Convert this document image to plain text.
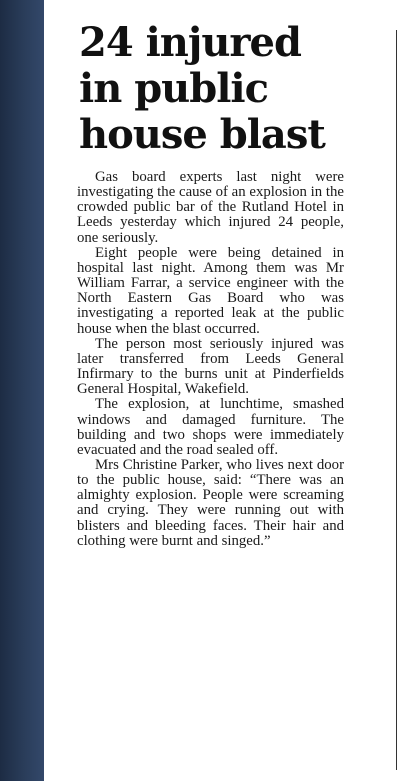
24 injured
in public
house blast

Gas board experts last night were investigating the cause of an explosion in the crowded public bar of the Rutland Hotel in Leeds yesterday which injured 24 people, one seriously.

Eight people were being detained in hospital last night. Among them was Mr William Farrar, a service engineer with the North Eastern Gas Board who was investigating a reported leak at the public house when the blast occurred.

The person most seriously injured was later transferred from Leeds General Infirmary to the burns unit at Pinderfields General Hospital, Wakefield.

The explosion, at lunchtime, smashed windows and damaged furniture. The building and two shops were immediately evacuated and the road sealed off.

Mrs Christine Parker, who lives next door to the public house, said: “There was an almighty explosion. People were screaming and crying. They were running out with blisters and bleeding faces. Their hair and clothing were burnt and singed.”
